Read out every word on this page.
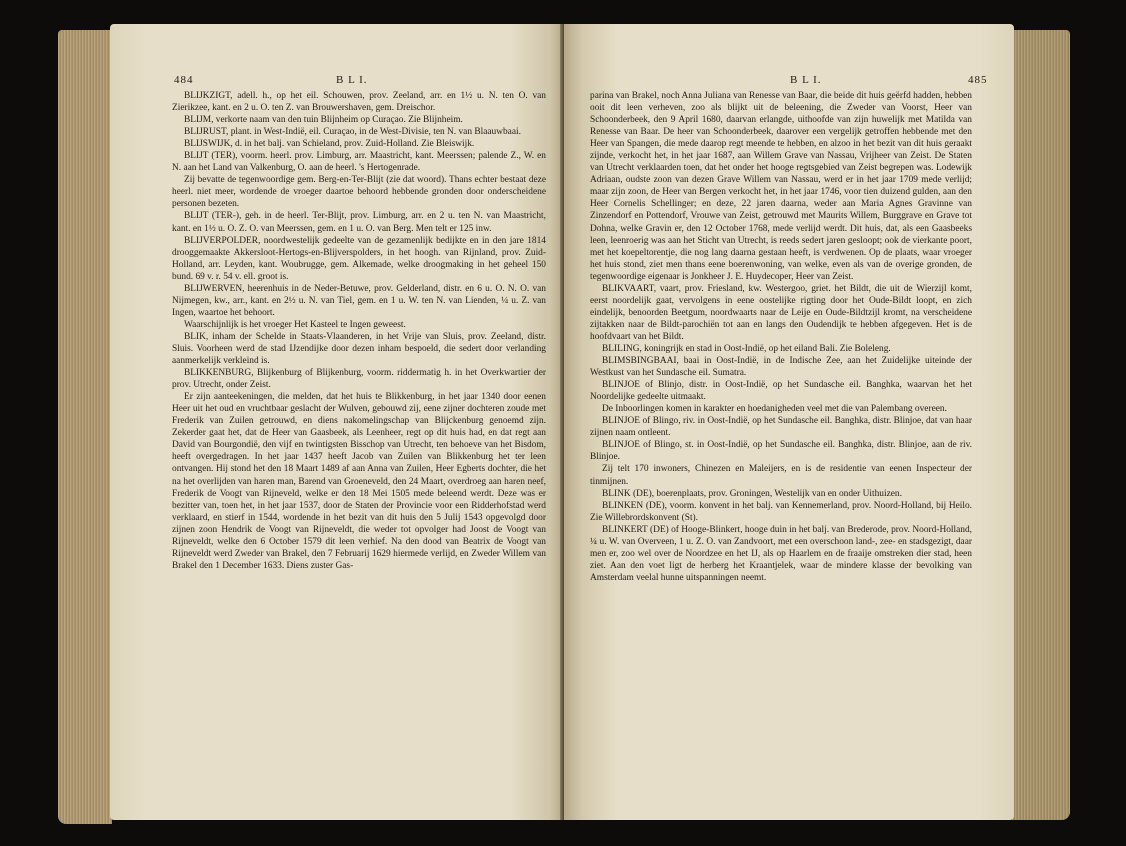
484	B L I.

BLIJKZIGT, adell. h., op het eil. Schouwen, prov. Zeeland, arr. en 1½ u. N. ten O. van Zierikzee, kant. en 2 u. O. ten Z. van Brouwershaven, gem. Dreischor.

BLIJM, verkorte naam van den tuin Blijnheim op Curaçao. Zie Blijnheim.

BLIJRUST, plant. in West-Indië, eil. Curaçao, in de West-Divisie, ten N. van Blaauwbaai.

BLIJSWIJK, d. in het balj. van Schieland, prov. Zuid-Holland. Zie Bleiswijk.

BLIJT (TER), voorm. heerl. prov. Limburg, arr. Maastricht, kant. Meerssen; palende Z., W. en N. aan het Land van Valkenburg, O. aan de heerl. 's Hertogenrade.

Zij bevatte de tegenwoordige gem. Berg-en-Ter-Blijt (zie dat woord). Thans echter bestaat deze heerl. niet meer, wordende de vroeger daartoe behoord hebbende gronden door onderscheidene personen bezeten.

BLIJT (TER-), geh. in de heerl. Ter-Blijt, prov. Limburg, arr. en 2 u. ten N. van Maastricht, kant. en 1½ u. O. Z. O. van Meerssen, gem. en 1 u. O. van Berg. Men telt er 125 inw.

BLIJVERPOLDER, noordwestelijk gedeelte van de gezamenlijk bedijkte en in den jare 1814 drooggemaakte Akkersloot-Hertogs-en-Blijverspolders, in het hoogh. van Rijnland, prov. Zuid-Holland, arr. Leyden, kant. Woubrugge, gem. Alkemade, welke droogmaking in het geheel 150 bund. 69 v. r. 54 v. ell. groot is.

BLIJWERVEN, heerenhuis in de Neder-Betuwe, prov. Gelderland, distr. en 6 u. O. N. O. van Nijmegen, kw., arr., kant. en 2½ u. N. van Tiel, gem. en 1 u. W. ten N. van Lienden, ¼ u. Z. van Ingen, waartoe het behoort.

Waarschijnlijk is het vroeger Het Kasteel te Ingen geweest.

BLIK, inham der Schelde in Staats-Vlaanderen, in het Vrije van Sluis, prov. Zeeland, distr. Sluis. Voorheen werd de stad IJzendijke door dezen inham bespoeld, die sedert door verlanding aanmerkelijk verkleind is.

BLIKKENBURG, Blijkenburg of Blijkenburg, voorm. riddermatig h. in het Overkwartier der prov. Utrecht, onder Zeist.

Er zijn aanteekeningen, die melden, dat het huis te Blikkenburg, in het jaar 1340 door eenen Heer uit het oud en vruchtbaar geslacht der Wulven, gebouwd zij, eene zijner dochteren zoude met Frederik van Zuilen getrouwd, en diens nakomelingschap van Blijckenburg genoemd zijn. Zekerder gaat het, dat de Heer van Gaasbeek, als Leenheer, regt op dit huis had, en dat regt aan David van Bourgondië, den vijf en twintigsten Bisschop van Utrecht, ten behoeve van het Bisdom, heeft overgedragen. In het jaar 1437 heeft Jacob van Zuilen van Blikkenburg het ter leen ontvangen. Hij stond het den 18 Maart 1489 af aan Anna van Zuilen, Heer Egberts dochter, die het na het overlijden van haren man, Barend van Groeneveld, den 24 Maart, overdroeg aan haren neef, Frederik de Voogt van Rijneveld, welke er den 18 Mei 1505 mede beleend werdt. Deze was er bezitter van, toen het, in het jaar 1537, door de Staten der Provincie voor een Ridderhofstad werd verklaard, en stierf in 1544, wordende in het bezit van dit huis den 5 Julij 1543 opgevolgd door zijnen zoon Hendrik de Voogt van Rijneveldt, die weder tot opvolger had Joost de Voogt van Rijneveldt, welke den 6 October 1579 dit leen verhief. Na den dood van Beatrix de Voogt van Rijneveldt werd Zweder van Brakel, den 7 Februarij 1629 hiermede verlijd, en Zweder Willem van Brakel den 1 December 1633. Diens zuster Gas-

B L I.	485

parina van Brakel, noch Anna Juliana van Renesse van Baar, die beide dit huis geërfd hadden, hebben ooit dit leen verheven, zoo als blijkt uit de beleening, die Zweder van Voorst, Heer van Schoonderbeek, den 9 April 1680, daarvan erlangde, uithoofde van zijn huwelijk met Matilda van Renesse van Baar. De heer van Schoonderbeek, daarover een vergelijk getroffen hebbende met den Heer van Spangen, die mede daarop regt meende te hebben, en alzoo in het bezit van dit huis geraakt zijnde, verkocht het, in het jaar 1687, aan Willem Grave van Nassau, Vrijheer van Zeist. De Staten van Utrecht verklaarden toen, dat het onder het hooge regtsgebied van Zeist begrepen was. Lodewijk Adriaan, oudste zoon van dezen Grave Willem van Nassau, werd er in het jaar 1709 mede verlijd; maar zijn zoon, de Heer van Bergen verkocht het, in het jaar 1746, voor tien duizend gulden, aan den Heer Cornelis Schellinger; en deze, 22 jaren daarna, weder aan Maria Agnes Gravinne van Zinzendorf en Pottendorf, Vrouwe van Zeist, getrouwd met Maurits Willem, Burggrave en Grave tot Dohna, welke Gravin er, den 12 October 1768, mede verlijd werdt. Dit huis, dat, als een Gaasbeeks leen, leenroerig was aan het Sticht van Utrecht, is reeds sedert jaren gesloopt; ook de vierkante poort, met het koepeltorentje, die nog lang daarna gestaan heeft, is verdwenen. Op de plaats, waar vroeger het huis stond, ziet men thans eene boerenwoning, van welke, even als van de overige gronden, de tegenwoordige eigenaar is Jonkheer J. E. Huydecoper, Heer van Zeist.

BLIKVAART, vaart, prov. Friesland, kw. Westergoo, griet. het Bildt, die uit de Wierzijl komt, eerst noordelijk gaat, vervolgens in eene oostelijke rigting door het Oude-Bildt loopt, en zich eindelijk, benoorden Beetgum, noordwaarts naar de Leije en Oude-Bildtzijl kromt, na verscheidene zijtakken naar de Bildt-parochiën tot aan en langs den Oudendijk te hebben afgegeven. Het is de hoofdvaart van het Bildt.

BLILING, koningrijk en stad in Oost-Indië, op het eiland Bali. Zie Boleleng.

BLIMSBINGBAAI, baai in Oost-Indië, in de Indische Zee, aan het Zuidelijke uiteinde der Westkust van het Sundasche eil. Sumatra.

BLINJOE of Blinjo, distr. in Oost-Indië, op het Sundasche eil. Banghka, waarvan het het Noordelijke gedeelte uitmaakt.

De Inboorlingen komen in karakter en hoedanigheden veel met die van Palembang overeen.

BLINJOE of Blingo, riv. in Oost-Indië, op het Sundasche eil. Banghka, distr. Blinjoe, dat van haar zijnen naam ontleent.

BLINJOE of Blingo, st. in Oost-Indië, op het Sundasche eil. Banghka, distr. Blinjoe, aan de riv. Blinjoe.

Zij telt 170 inwoners, Chinezen en Maleijers, en is de residentie van eenen Inspecteur der tinmijnen.

BLINK (DE), boerenplaats, prov. Groningen, Westelijk van en onder Uithuizen.

BLINKEN (DE), voorm. konvent in het balj. van Kennemerland, prov. Noord-Holland, bij Heilo. Zie Willebrordskonvent (St).

BLINKERT (DE) of Hooge-Blinkert, hooge duin in het balj. van Brederode, prov. Noord-Holland, ¼ u. W. van Overveen, 1 u. Z. O. van Zandvoort, met een overschoon land-, zee- en stadsgezigt, daar men er, zoo wel over de Noordzee en het IJ, als op Haarlem en de fraaije omstreken dier stad, heen ziet. Aan den voet ligt de herberg het Kraantjelek, waar de mindere klasse der bevolking van Amsterdam veelal hunne uitspanningen neemt.
